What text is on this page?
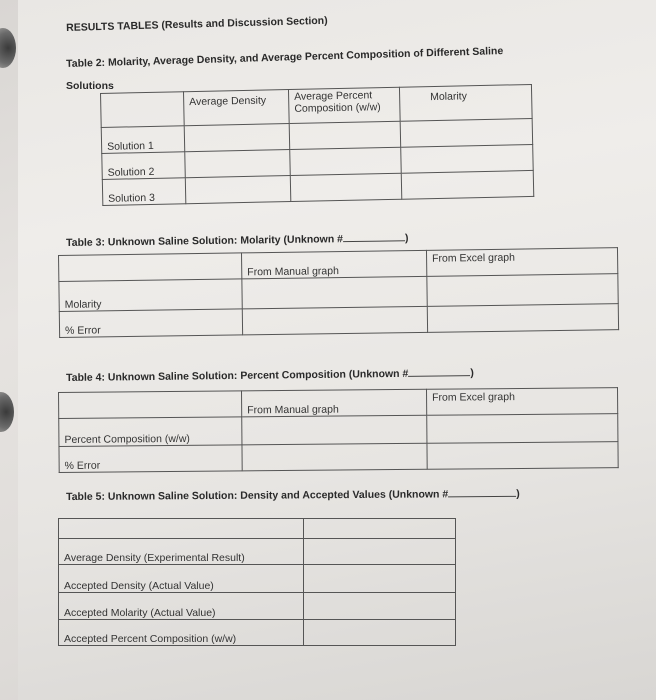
RESULTS TABLES (Results and Discussion Section)
Table 2: Molarity, Average Density, and Average Percent Composition of Different Saline
Solutions
	Average Density	Average Percent Composition (w/w)	Molarity
Solution 1			
Solution 2			
Solution 3			
Table 3: Unknown Saline Solution: Molarity (Unknown #	)
	From Manual graph	From Excel graph
Molarity		
% Error		
Table 4: Unknown Saline Solution: Percent Composition (Unknown #	)
	From Manual graph	From Excel graph
Percent Composition (w/w)		
% Error		
Table 5: Unknown Saline Solution: Density and Accepted Values (Unknown #	)

Average Density (Experimental Result)	
Accepted Density (Actual Value)	
Accepted Molarity (Actual Value)	
Accepted Percent Composition (w/w)	
